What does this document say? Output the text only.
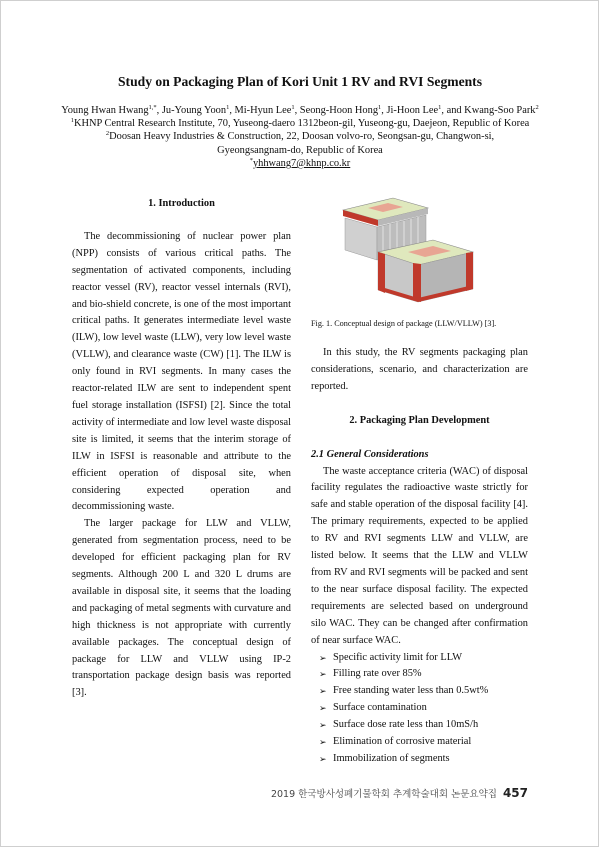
Study on Packaging Plan of Kori Unit 1 RV and RVI Segments
Young Hwan Hwang$^{1,*}$, Ju-Young Yoon$^1$, Mi-Hyun Lee$^1$, Seong-Hoon Hong$^1$, Ji-Hoon Lee$^1$, and Kwang-Soo Park$^2$
$^1$KHNP Central Research Institute, 70, Yuseong-daero 1312beon-gil, Yuseong-gu, Daejeon, Republic of Korea
$^2$Doosan Heavy Industries & Construction, 22, Doosan volvo-ro, Seongsan-gu, Changwon-si,
Gyeongsangnam-do, Republic of Korea
*yhhwang7@khnp.co.kr
1. Introduction

The decommissioning of nuclear power plan (NPP) consists of various critical paths. The segmentation of activated components, including reactor vessel (RV), reactor vessel internals (RVI), and bio-shield concrete, is one of the most important critical paths. It generates intermediate level waste (ILW), low level waste (LLW), very low level waste (VLLW), and clearance waste (CW) [1]. The ILW is only found in RVI segments. In many cases the reactor-related ILW are sent to independent spent fuel storage installation (ISFSI) [2]. Since the total activity of intermediate and low level waste disposal site is limited, it seems that the interim storage of ILW in ISFSI is reasonable and attribute to the efficient operation of disposal site, when considering expected operation and decommissioning waste.

The larger package for LLW and VLLW, generated from segmentation process, need to be developed for efficient packaging plan for RV segments. Although 200 L and 320 L drums are available in disposal site, it seems that the loading and packaging of metal segments with curvature and high thickness is not appropriate with currently available packages. The conceptual design of package for LLW and VLLW using IP-2 transportation package design basis was reported [3].

Fig. 1. Conceptual design of package (LLW/VLLW) [3].

In this study, the RV segments packaging plan considerations, scenario, and characterization are reported.

2. Packaging Plan Development
2.1 General Considerations

The waste acceptance criteria (WAC) of disposal facility regulates the radioactive waste strictly for safe and stable operation of the disposal facility [4]. The primary requirements, expected to be applied to RV and RVI segments LLW and VLLW, are listed below. It seems that the LLW and VLLW from RV and RVI segments will be packed and sent to the near surface disposal facility. The expected requirements are selected based on underground silo WAC. They can be changed after confirmation of near surface WAC.

➢ Specific activity limit for LLW
➢ Filling rate over 85%
➢ Free standing water less than 0.5wt%
➢ Surface contamination
➢ Surface dose rate less than 10mS/h
➢ Elimination of corrosive material
➢ Immobilization of segments
2019 한국방사성폐기물학회 추계학술대회 논문요약집 457
